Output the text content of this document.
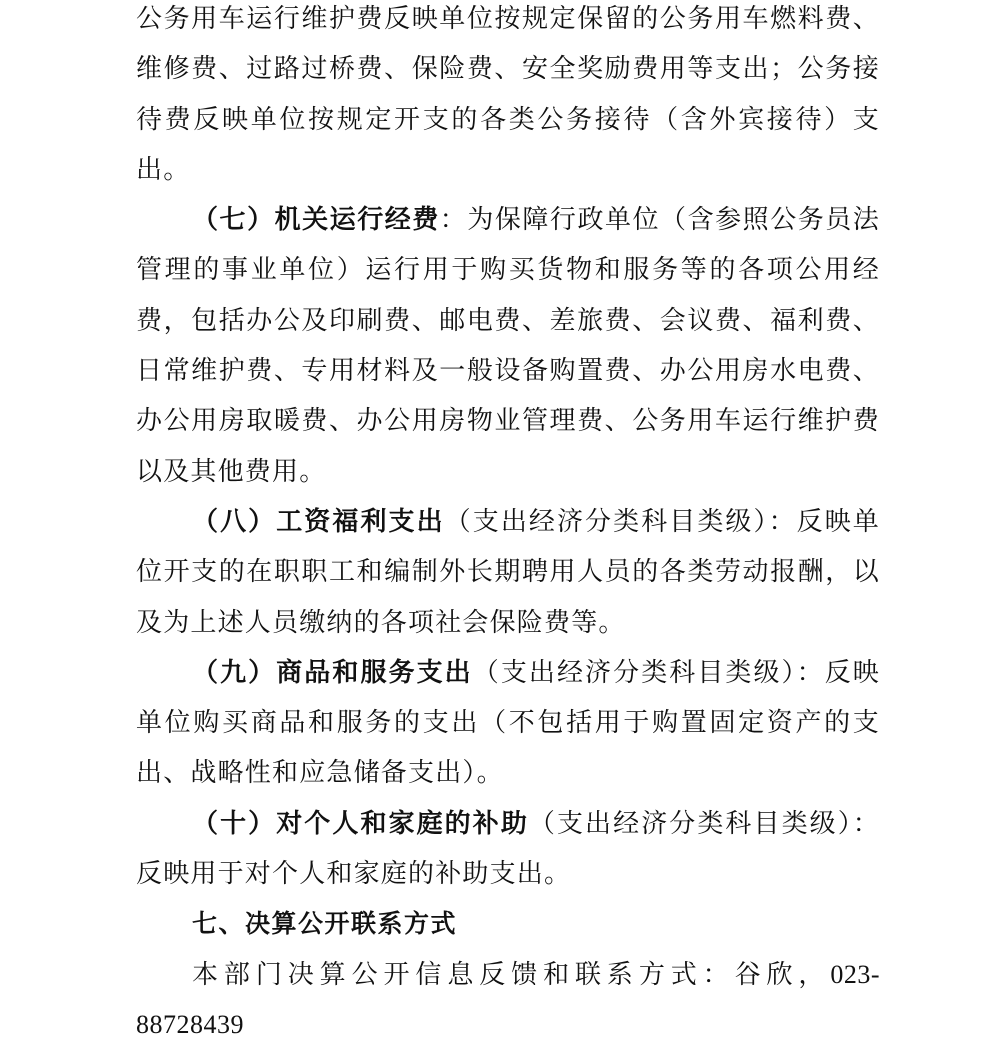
公务用车运行维护费反映单位按规定保留的公务用车燃料费、维修费、过路过桥费、保险费、安全奖励费用等支出；公务接待费反映单位按规定开支的各类公务接待（含外宾接待）支出。

（七）机关运行经费：为保障行政单位（含参照公务员法管理的事业单位）运行用于购买货物和服务等的各项公用经费，包括办公及印刷费、邮电费、差旅费、会议费、福利费、日常维护费、专用材料及一般设备购置费、办公用房水电费、办公用房取暖费、办公用房物业管理费、公务用车运行维护费以及其他费用。

（八）工资福利支出（支出经济分类科目类级）：反映单位开支的在职职工和编制外长期聘用人员的各类劳动报酬，以及为上述人员缴纳的各项社会保险费等。

（九）商品和服务支出（支出经济分类科目类级）：反映单位购买商品和服务的支出（不包括用于购置固定资产的支出、战略性和应急储备支出）。

（十）对个人和家庭的补助（支出经济分类科目类级）：反映用于对个人和家庭的补助支出。

七、决算公开联系方式

本部门决算公开信息反馈和联系方式：谷欣，023-88728439
